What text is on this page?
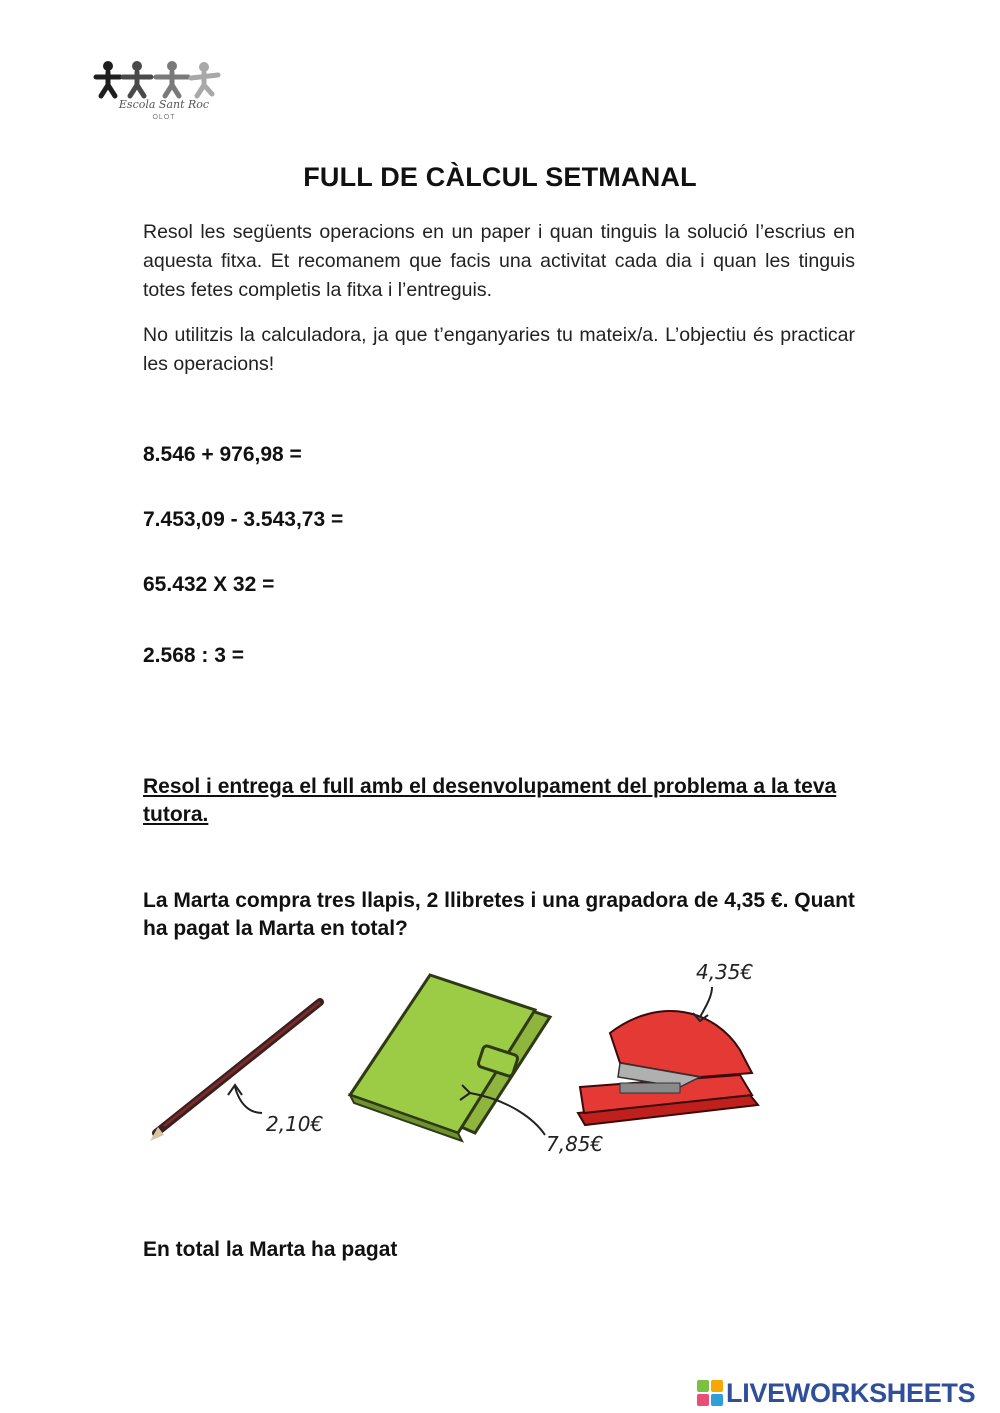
Escola Sant Roc
OLOT
FULL DE CÀLCUL SETMANAL
Resol les següents operacions en un paper i quan tinguis la solució l’escrius en aquesta fitxa. Et recomanem que facis una activitat cada dia i quan les tinguis totes fetes completis la fitxa i l’entreguis.
No utilitzis la calculadora, ja que t’enganyaries tu mateix/a. L’objectiu és practicar les operacions!
8.546 + 976,98 =
7.453,09 - 3.543,73 =
65.432 X 32 =
2.568 : 3 =
Resol i entrega el full amb el desenvolupament del problema a la teva tutora.
La Marta compra tres llapis, 2 llibretes i una grapadora de 4,35 €. Quant ha pagat la Marta en total?
2,10€
7,85€
4,35€
En total la Marta ha pagat
LIVEWORKSHEETS
